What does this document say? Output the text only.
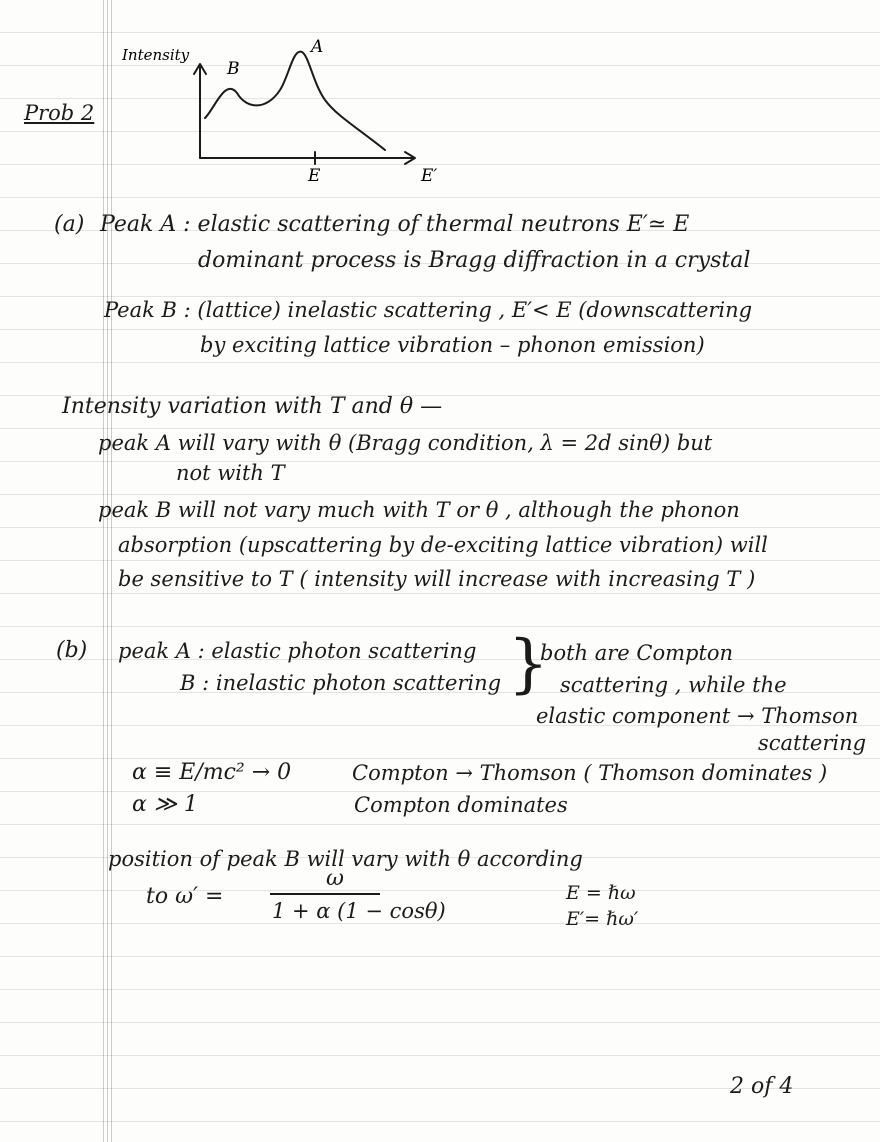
Prob 2
Intensity
B
A
E	E′
(a) Peak A : elastic scattering of thermal neutrons E′≃ E
dominant process is Bragg diffraction in a crystal
Peak B : (lattice) inelastic scattering , E′< E (downscattering
by exciting lattice vibration – phonon emission)
Intensity variation with T and θ —
peak A will vary with θ (Bragg condition, λ = 2d sinθ) but
not with T
peak B will not vary much with T or θ , although the phonon
absorption (upscattering by de-exciting lattice vibration) will
be sensitive to T ( intensity will increase with increasing T )
(b) peak A : elastic photon scattering
B : inelastic photon scattering }
both are Compton
scattering , while the
elastic component → Thomson
scattering
α ≡ E/mc² → 0	Compton → Thomson ( Thomson dominates )
α ≫ 1	Compton dominates
position of peak B will vary with θ according
to ω′ =
ω
1 + α (1 − cosθ)
E = ℏω
E′= ℏω′
2 of 4
